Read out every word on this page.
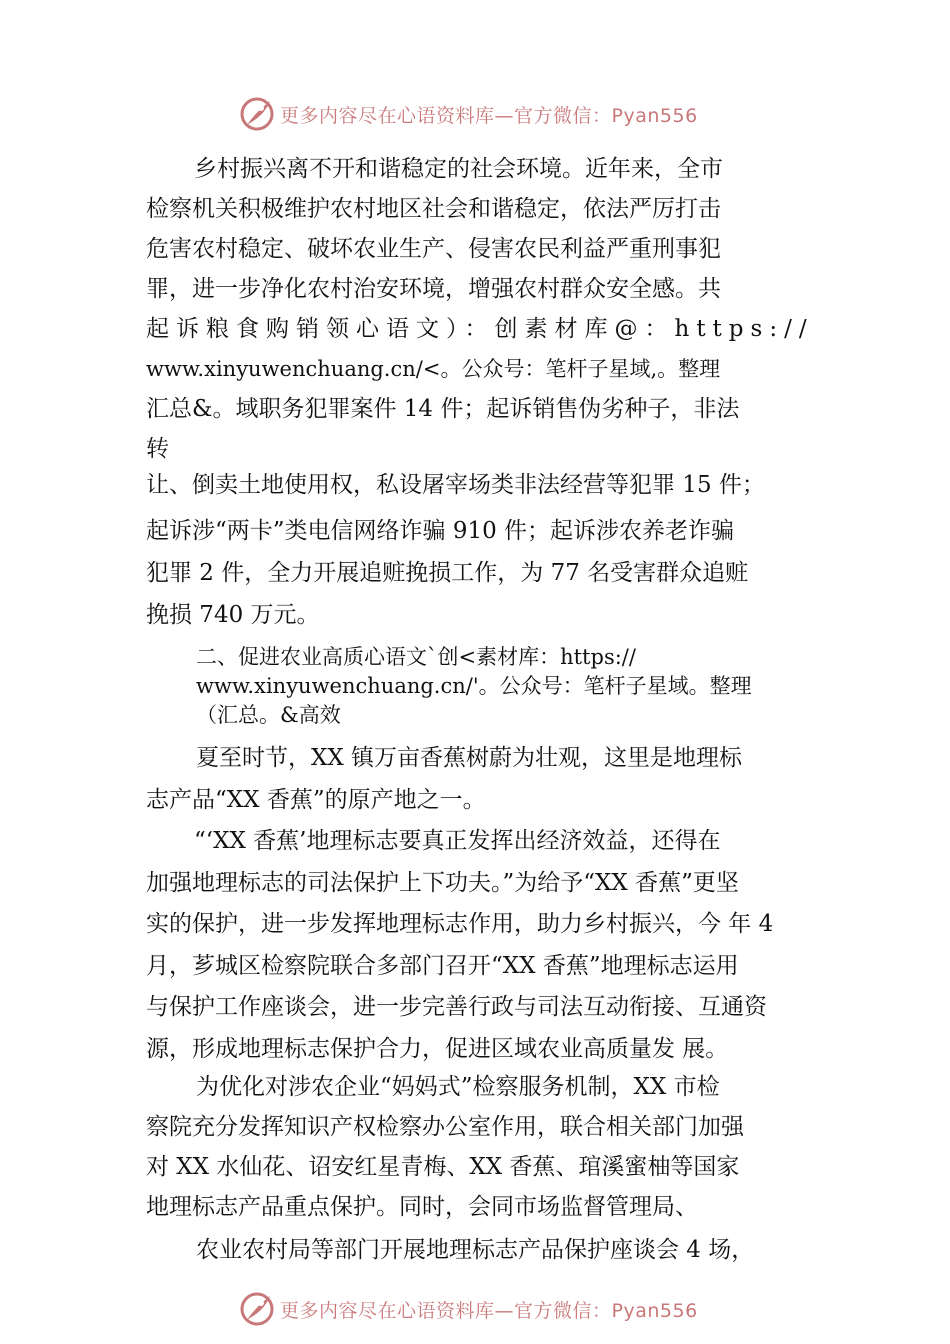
更多内容尽在心语资料库—官方微信：Pyan556
乡村振兴离不开和谐稳定的社会环境。近年来，全市
检察机关积极维护农村地区社会和谐稳定，依法严厉打击
危害农村稳定、破坏农业生产、侵害农民利益严重刑事犯
罪，进一步净化农村治安环境，增强农村群众安全感。共
起诉粮食购销领心语文）：创素材库@：https://
www.xinyuwenchuang.cn/<。公众号：笔杆子星域,。整理
汇总&。域职务犯罪案件 14 件；起诉销售伪劣种子，非法
转
让、倒卖土地使用权，私设屠宰场类非法经营等犯罪 15 件；
起诉涉“两卡”类电信网络诈骗 910 件；起诉涉农养老诈骗
犯罪 2 件，全力开展追赃挽损工作，为 77 名受害群众追赃
挽损 740 万元。
二、促进农业高质心语文`创<素材库：https://
www.xinyuwenchuang.cn/'。公众号：笔杆子星域。整理
（汇总。&高效
夏至时节，XX 镇万亩香蕉树蔚为壮观，这里是地理标
志产品“XX 香蕉”的原产地之一。
“‘XX 香蕉’地理标志要真正发挥出经济效益，还得在
加强地理标志的司法保护上下功夫。”为给予“XX 香蕉”更坚
实的保护，进一步发挥地理标志作用，助力乡村振兴，今 年 4
月，芗城区检察院联合多部门召开“XX 香蕉”地理标志运用
与保护工作座谈会，进一步完善行政与司法互动衔接、互通资
源，形成地理标志保护合力，促进区域农业高质量发 展。
为优化对涉农企业“妈妈式”检察服务机制，XX 市检
察院充分发挥知识产权检察办公室作用，联合相关部门加强
对 XX 水仙花、诏安红星青梅、XX 香蕉、琯溪蜜柚等国家
地理标志产品重点保护。同时，会同市场监督管理局、
农业农村局等部门开展地理标志产品保护座谈会 4 场，
更多内容尽在心语资料库—官方微信：Pyan556
